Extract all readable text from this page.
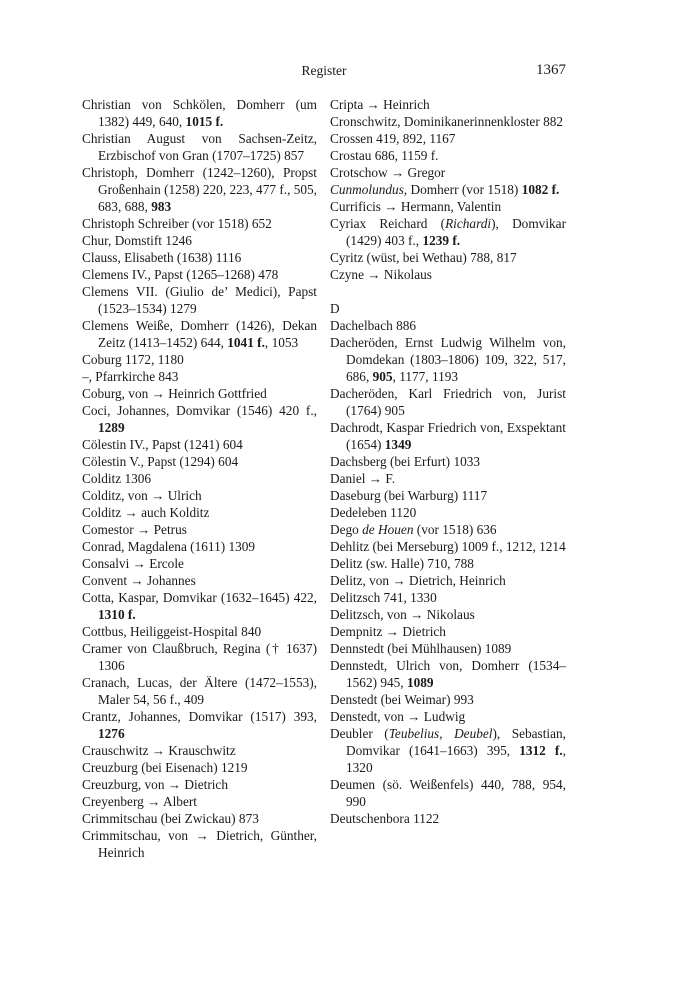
Register	1367

Christian von Schkölen, Domherr (um 1382) 449, 640, 1015 f.

Christian August von Sachsen-Zeitz, Erzbischof von Gran (1707–1725) 857

Christoph, Domherr (1242–1260), Propst Großenhain (1258) 220, 223, 477 f., 505, 683, 688, 983

Christoph Schreiber (vor 1518) 652

Chur, Domstift 1246

Clauss, Elisabeth (1638) 1116

Clemens IV., Papst (1265–1268) 478

Clemens VII. (Giulio de’ Medici), Papst (1523–1534) 1279

Clemens Weiße, Domherr (1426), Dekan Zeitz (1413–1452) 644, 1041 f., 1053

Coburg 1172, 1180

–, Pfarrkirche 843

Coburg, von → Heinrich Gottfried

Coci, Johannes, Domvikar (1546) 420 f., 1289

Cölestin IV., Papst (1241) 604

Cölestin V., Papst (1294) 604

Colditz 1306

Colditz, von → Ulrich

Colditz → auch Kolditz

Comestor → Petrus

Conrad, Magdalena (1611) 1309

Consalvi → Ercole

Convent → Johannes

Cotta, Kaspar, Domvikar (1632–1645) 422, 1310 f.

Cottbus, Heiliggeist-Hospital 840

Cramer von Claußbruch, Regina († 1637) 1306

Cranach, Lucas, der Ältere (1472–1553), Maler 54, 56 f., 409

Crantz, Johannes, Domvikar (1517) 393, 1276

Crauschwitz → Krauschwitz

Creuzburg (bei Eisenach) 1219

Creuzburg, von → Dietrich

Creyenberg → Albert

Crimmitschau (bei Zwickau) 873

Crimmitschau, von → Dietrich, Günther, Heinrich

Cripta → Heinrich

Cronschwitz, Dominikanerinnenkloster 882

Crossen 419, 892, 1167

Crostau 686, 1159 f.

Crotschow → Gregor

Cunmolundus, Domherr (vor 1518) 1082 f.

Currificis → Hermann, Valentin

Cyriax Reichard (Richardi), Domvikar (1429) 403 f., 1239 f.

Cyritz (wüst, bei Wethau) 788, 817

Czyne → Nikolaus

D

Dachelbach 886

Dacheröden, Ernst Ludwig Wilhelm von, Domdekan (1803–1806) 109, 322, 517, 686, 905, 1177, 1193

Dacheröden, Karl Friedrich von, Jurist (1764) 905

Dachrodt, Kaspar Friedrich von, Exspektant (1654) 1349

Dachsberg (bei Erfurt) 1033

Daniel → F.

Daseburg (bei Warburg) 1117

Dedeleben 1120

Dego de Houen (vor 1518) 636

Dehlitz (bei Merseburg) 1009 f., 1212, 1214

Delitz (sw. Halle) 710, 788

Delitz, von → Dietrich, Heinrich

Delitzsch 741, 1330

Delitzsch, von → Nikolaus

Dempnitz → Dietrich

Dennstedt (bei Mühlhausen) 1089

Dennstedt, Ulrich von, Domherr (1534–1562) 945, 1089

Denstedt (bei Weimar) 993

Denstedt, von → Ludwig

Deubler (Teubelius, Deubel), Sebastian, Domvikar (1641–1663) 395, 1312 f., 1320

Deumen (sö. Weißenfels) 440, 788, 954, 990

Deutschenbora 1122
